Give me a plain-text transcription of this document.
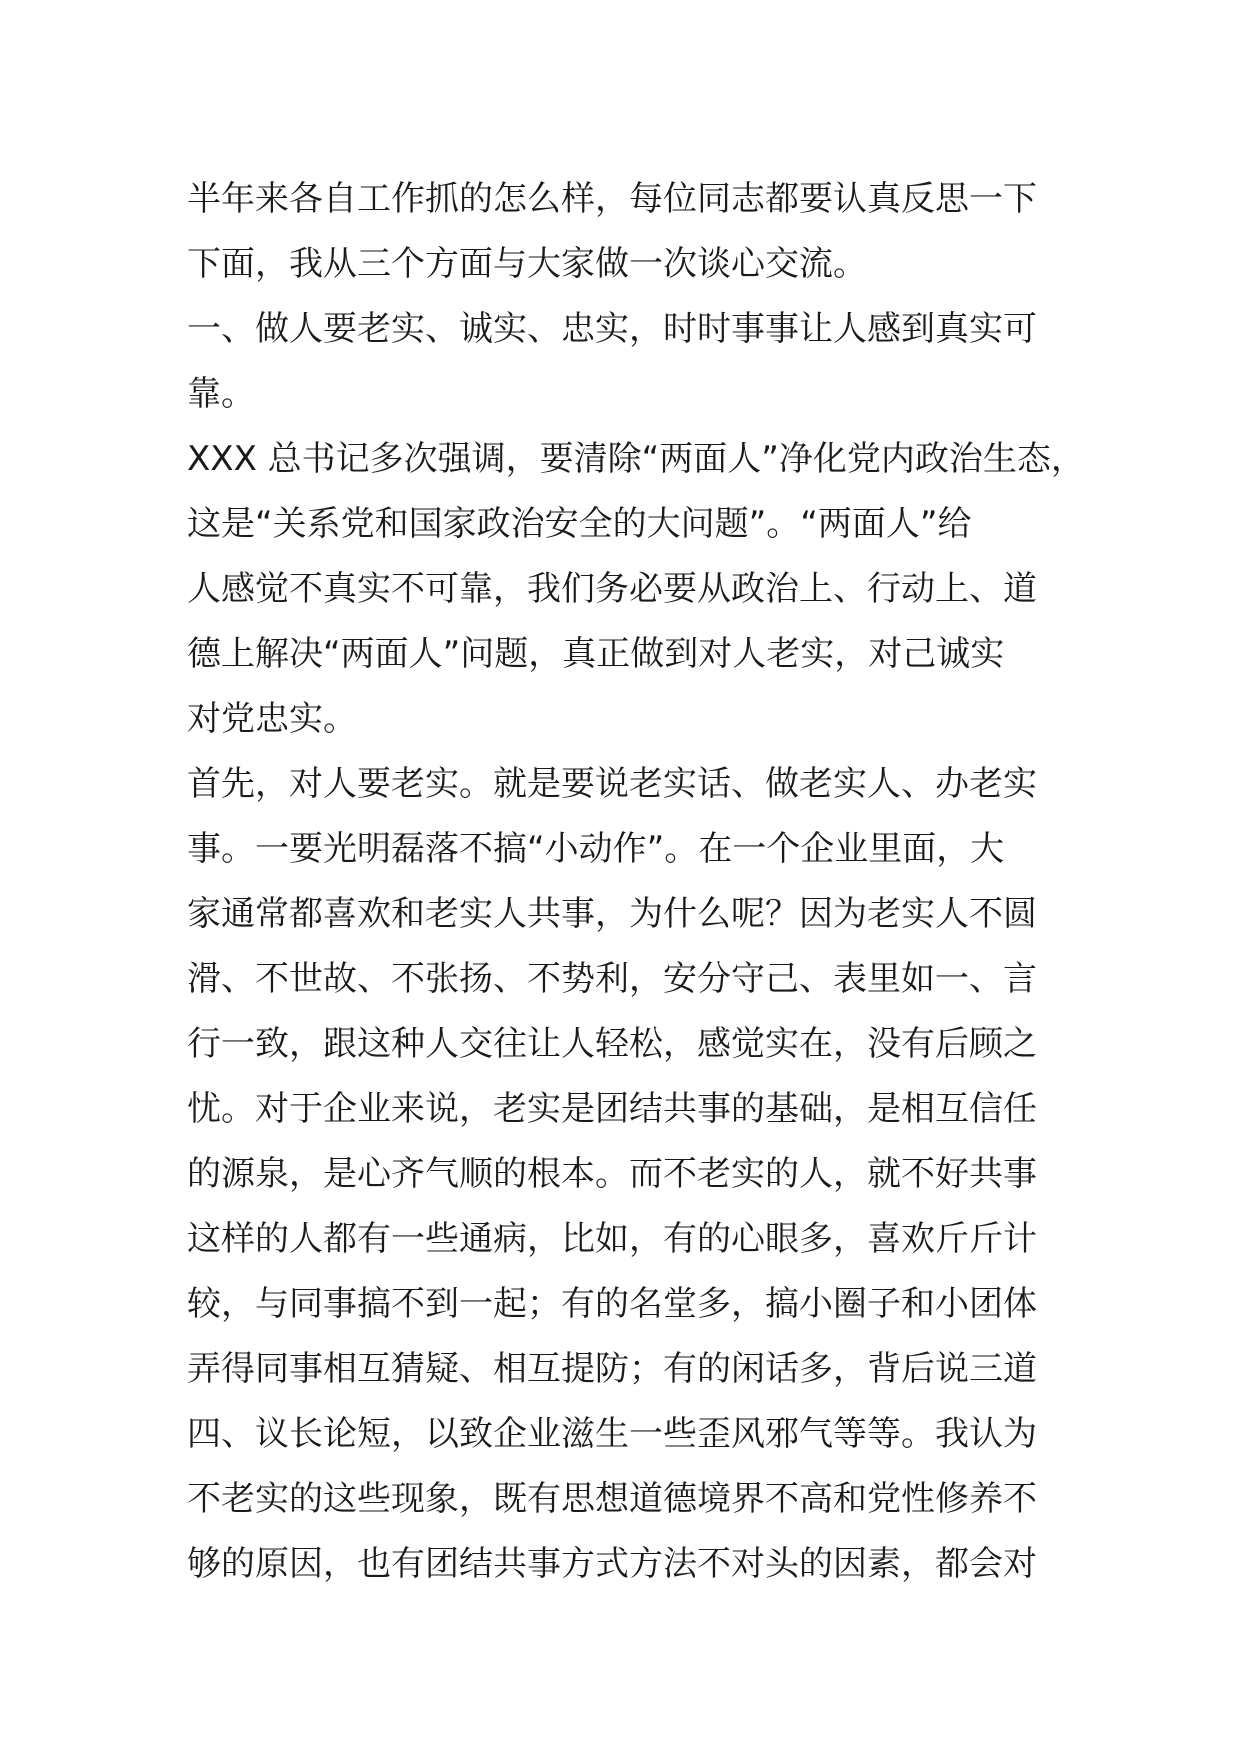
半年来各自工作抓的怎么样，每位同志都要认真反思一下
下面，我从三个方面与大家做一次谈心交流。
一、做人要老实、诚实、忠实，时时事事让人感到真实可
靠。
XXX 总书记多次强调，要清除“两面人”净化党内政治生态，
这是“关系党和国家政治安全的大问题”。“两面人”给
人感觉不真实不可靠，我们务必要从政治上、行动上、道
德上解决“两面人”问题，真正做到对人老实，对己诚实
对党忠实。
首先，对人要老实。就是要说老实话、做老实人、办老实
事。一要光明磊落不搞“小动作”。在一个企业里面，大
家通常都喜欢和老实人共事，为什么呢？因为老实人不圆
滑、不世故、不张扬、不势利，安分守己、表里如一、言
行一致，跟这种人交往让人轻松，感觉实在，没有后顾之
忧。对于企业来说，老实是团结共事的基础，是相互信任
的源泉，是心齐气顺的根本。而不老实的人，就不好共事
这样的人都有一些通病，比如，有的心眼多，喜欢斤斤计
较，与同事搞不到一起；有的名堂多，搞小圈子和小团体
弄得同事相互猜疑、相互提防；有的闲话多，背后说三道
四、议长论短，以致企业滋生一些歪风邪气等等。我认为
不老实的这些现象，既有思想道德境界不高和党性修养不
够的原因，也有团结共事方式方法不对头的因素，都会对
